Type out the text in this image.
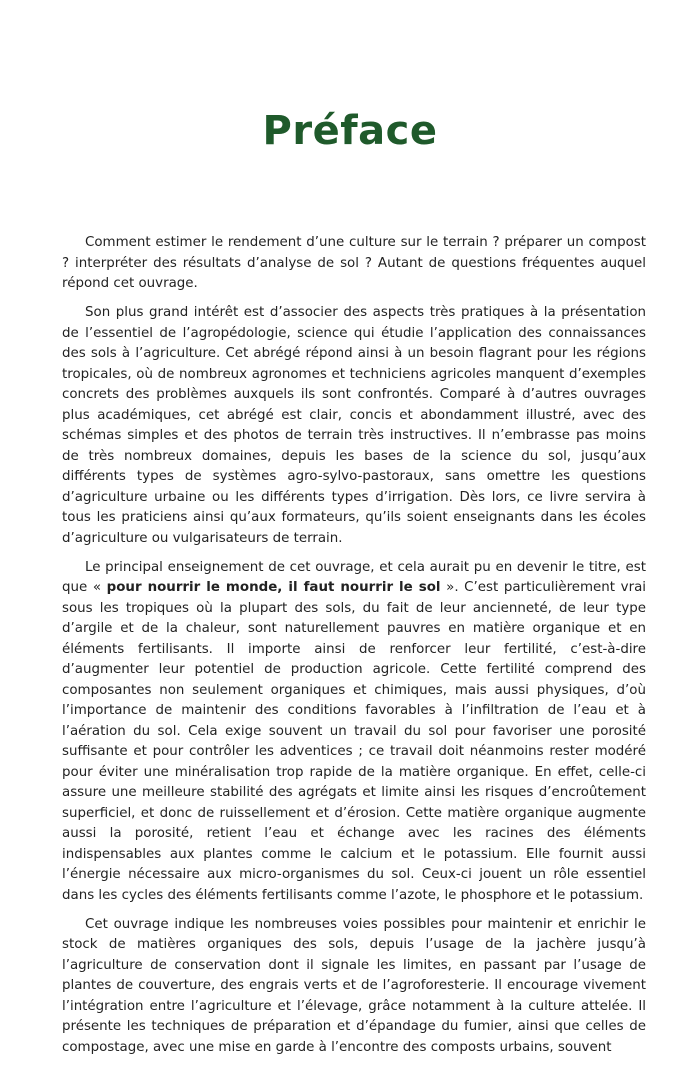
Préface

Comment estimer le rendement d’une culture sur le terrain ? préparer un compost ? interpréter des résultats d’analyse de sol ? Autant de questions fréquentes auquel répond cet ouvrage.

Son plus grand intérêt est d’associer des aspects très pratiques à la présentation de l’essentiel de l’agropédologie, science qui étudie l’application des connaissances des sols à l’agriculture. Cet abrégé répond ainsi à un besoin flagrant pour les régions tropicales, où de nombreux agronomes et techniciens agricoles manquent d’exemples concrets des problèmes auxquels ils sont confrontés. Comparé à d’autres ouvrages plus académiques, cet abrégé est clair, concis et abondamment illustré, avec des schémas simples et des photos de terrain très instructives. Il n’embrasse pas moins de très nombreux domaines, depuis les bases de la science du sol, jusqu’aux différents types de systèmes agro-sylvo-pastoraux, sans omettre les questions d’agriculture urbaine ou les différents types d’irrigation. Dès lors, ce livre servira à tous les praticiens ainsi qu’aux formateurs, qu’ils soient enseignants dans les écoles d’agriculture ou vulgarisateurs de terrain.

Le principal enseignement de cet ouvrage, et cela aurait pu en devenir le titre, est que « pour nourrir le monde, il faut nourrir le sol ». C’est particulièrement vrai sous les tropiques où la plupart des sols, du fait de leur ancienneté, de leur type d’argile et de la chaleur, sont naturellement pauvres en matière organique et en éléments fertilisants. Il importe ainsi de renforcer leur fertilité, c’est-à-dire d’augmenter leur potentiel de production agricole. Cette fertilité comprend des composantes non seulement organiques et chimiques, mais aussi physiques, d’où l’importance de maintenir des conditions favorables à l’infiltration de l’eau et à l’aération du sol. Cela exige souvent un travail du sol pour favoriser une porosité suffisante et pour contrôler les adventices ; ce travail doit néanmoins rester modéré pour éviter une minéralisation trop rapide de la matière organique. En effet, celle-ci assure une meilleure stabilité des agrégats et limite ainsi les risques d’encroûtement superficiel, et donc de ruissellement et d’érosion. Cette matière organique augmente aussi la porosité, retient l’eau et échange avec les racines des éléments indispensables aux plantes comme le calcium et le potassium. Elle fournit aussi l’énergie nécessaire aux micro-organismes du sol. Ceux-ci jouent un rôle essentiel dans les cycles des éléments fertilisants comme l’azote, le phosphore et le potassium.

Cet ouvrage indique les nombreuses voies possibles pour maintenir et enrichir le stock de matières organiques des sols, depuis l’usage de la jachère jusqu’à l’agriculture de conservation dont il signale les limites, en passant par l’usage de plantes de couverture, des engrais verts et de l’agroforesterie. Il encourage vivement l’intégration entre l’agriculture et l’élevage, grâce notamment à la culture attelée. Il présente les techniques de préparation et d’épandage du fumier, ainsi que celles de compostage, avec une mise en garde à l’encontre des composts urbains, souvent
